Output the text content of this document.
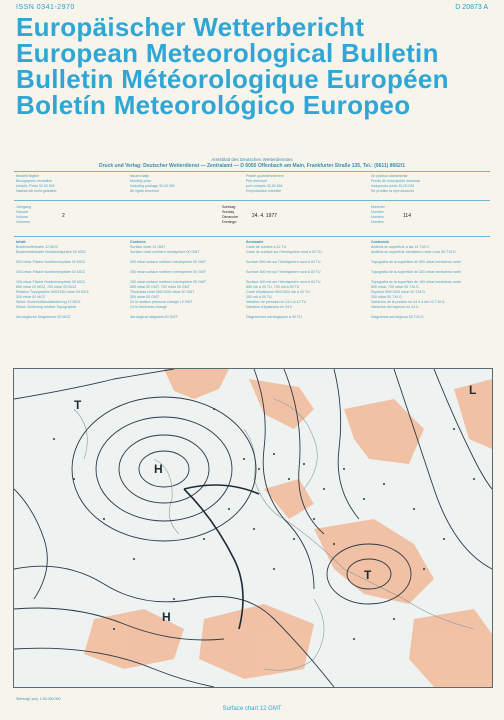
ISSN 0341-2970	D 20873 A
Europäischer Wetterbericht
European Meteorological Bulletin
Bulletin Météorologique Européen
Boletín Meteorológico Europeo
Amtsblatt des Deutschen Wetterdienstes
Druck und Verlag: Deutscher Wetterdienst — Zentralamt — D 6050 Offenbach am Main, Frankfurter Straße 135, Tel.: (0611) 8062/1
Bestellt täglich
Bezugspreis monatlich
einschl. Porto 32,00 DM
Nachdruck nicht gestattet
Issued daily
Monthly price
including postage 32,00 DM
All rights reserved
Publié quotidiennement
Prix mensuel
port compris 32,00 DM
Reproduction interdite
Se publica diariamente
Precio de suscripción mensual
incluyendo porte 32,00 DM
Se prohibe la reproducción
Jahrgang
Volume
Volume
Volumen
2
Sonntag
Sunday
Dimanche
Domingo
24. 4. 1977
Nummer
Number
Numéro
Número
114
Inhalt
Bodenwetterkarte 12 MGZ
Bodenwetterkarte Nordhemisphäre 00 MGZ

500-mbar-Fläche Nordhemisphäre 00 MGZ

300-mbar-Fläche Nordhemisphäre 00 MGZ

100-mbar-Fläche Nordhemisphäre 00 MGZ
850 mbar 00 MGZ, 700 mbar 00 MGZ
Relative Topographie 500/1000 mbar 00 MGZ
300 mbar 00 MGZ
Stünd. Bodenluftdruckänderung 12 MGZ
Stünd. Änderung relative Topographie

Aerologische Diagramme 00 MGZ
Contents
Surface chart 12 GMT
Surface chart northern hemisphere 00 GMT

500 mbar surface northern hemisphere 00 GMT

300 mbar surface northern hemisphere 00 GMT

100 mbar surface northern hemisphere 00 GMT
850 mbar 00 GMT, 700 mbar 00 GMT
Thickness chart 500/1000 mbar 00 GMT
300 mbar 00 GMT
24 hr surface pressure change 12 GMT
24 hr thickness change

Aerological diagrams 00 GMT
Sommaire
Carte de surface à 12 TU
Carte de surface sur l'hémisphère nord à 00 TU

Surface 500 mb sur l'hémisphère nord à 00 TU

Surface 300 mb sur l'hémisphère nord à 00 TU

Surface 100 mb sur l'hémisphère nord à 00 TU
850 mb à 00 TU, 700 mb à 00 TU
Carte d'épaisseur 500/1000 mb à 00 TU
300 mb à 00 TU
Variation de pression en 24 h à 12 TU
Variation d'épaisseur en 24 h

Diagrammes aérologiques à 00 TU
Contenido
Análisis en superficie a las 12 T.M.G.
Análisis en superficie hemisferio norte a las 00 T.M.G.

Topografía de la superficie de 500 mbar hemisferio norte

Topografía de la superficie de 300 mbar hemisferio norte

Topografía de la superficie de 100 mbar hemisferio norte
850 mbar, 700 mbar 00 T.M.G.
Espesor 500/1000 mbar 00 T.M.G.
300 mbar 00 T.M.G.
Variación de la presión en 24 h a las 12 T.M.G.
Variación del espesor en 24 h

Diagramas aerológicos 00 T.M.G.
H
L
H
T
T
Stereogr. proj. 1:30 000 000
Surface chart 12 GMT
